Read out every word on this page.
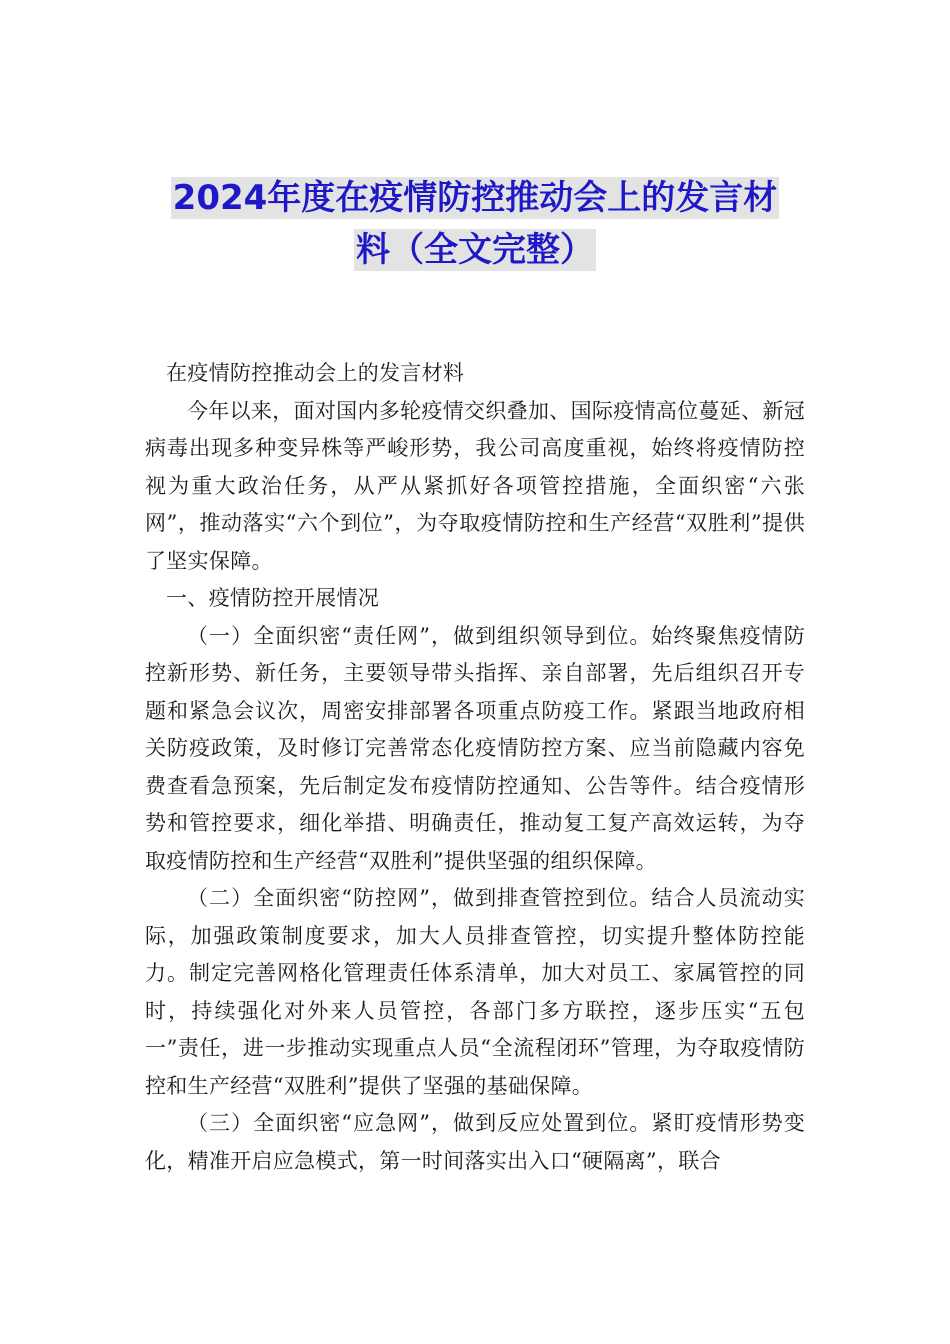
2024年度在疫情防控推动会上的发言材
料（全文完整）

在疫情防控推动会上的发言材料

今年以来，面对国内多轮疫情交织叠加、国际疫情高位蔓延、新冠病毒出现多种变异株等严峻形势，我公司高度重视，始终将疫情防控视为重大政治任务，从严从紧抓好各项管控措施，全面织密“六张网”，推动落实“六个到位”，为夺取疫情防控和生产经营“双胜利”提供了坚实保障。

一、疫情防控开展情况

（一）全面织密“责任网”，做到组织领导到位。始终聚焦疫情防控新形势、新任务，主要领导带头指挥、亲自部署，先后组织召开专题和紧急会议次，周密安排部署各项重点防疫工作。紧跟当地政府相关防疫政策，及时修订完善常态化疫情防控方案、应当前隐藏内容免费查看急预案，先后制定发布疫情防控通知、公告等件。结合疫情形势和管控要求，细化举措、明确责任，推动复工复产高效运转，为夺取疫情防控和生产经营“双胜利”提供坚强的组织保障。

（二）全面织密“防控网”，做到排查管控到位。结合人员流动实际，加强政策制度要求，加大人员排查管控，切实提升整体防控能力。制定完善网格化管理责任体系清单，加大对员工、家属管控的同时，持续强化对外来人员管控，各部门多方联控，逐步压实“五包一”责任，进一步推动实现重点人员“全流程闭环”管理，为夺取疫情防控和生产经营“双胜利”提供了坚强的基础保障。

（三）全面织密“应急网”，做到反应处置到位。紧盯疫情形势变化，精准开启应急模式，第一时间落实出入口“硬隔离”，联合
